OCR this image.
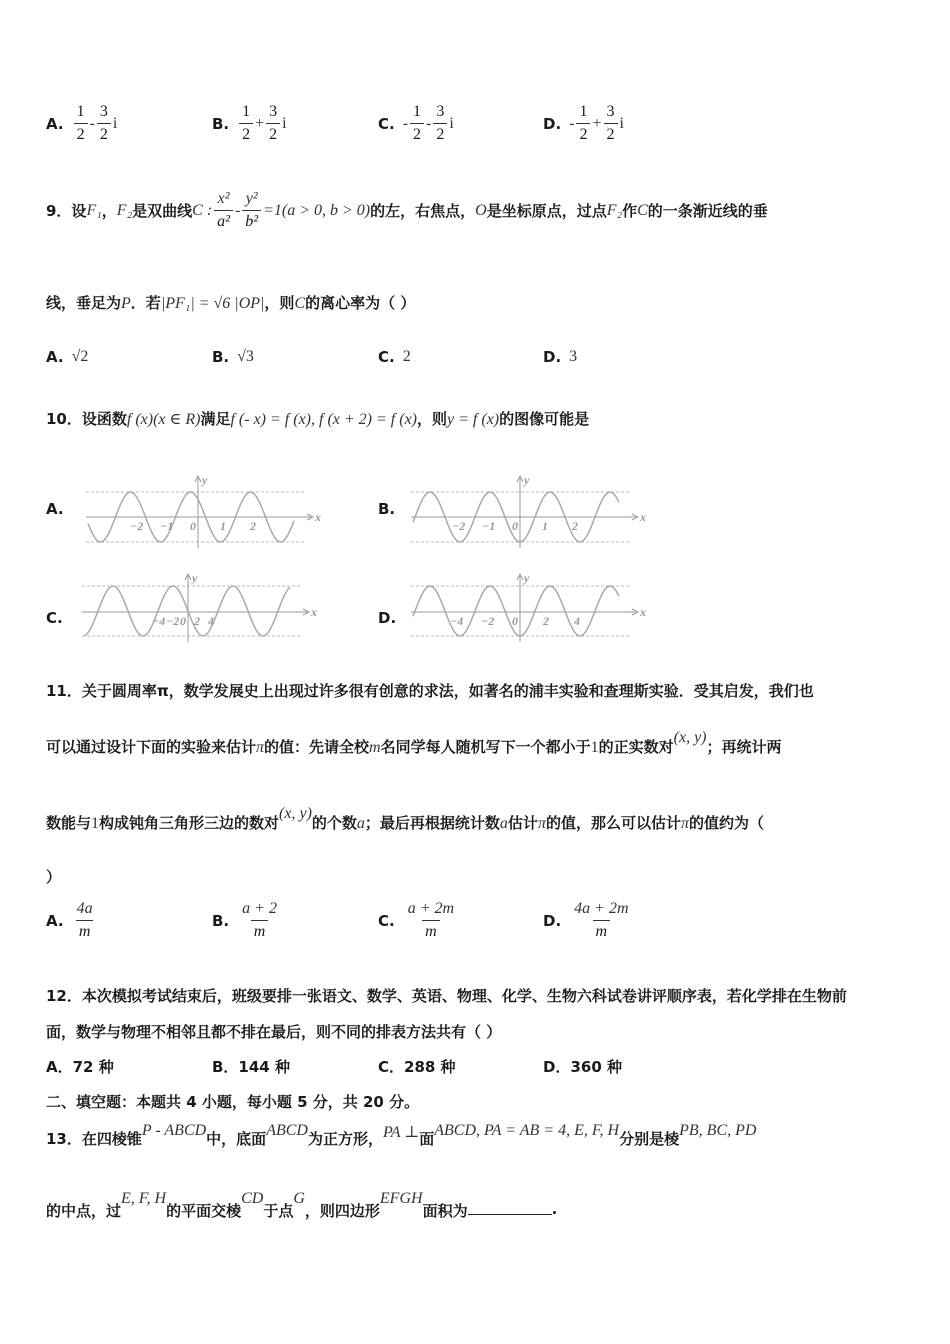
A. $\frac{1}{2} - \frac{3}{2}$ i	B. $\frac{1}{2} + \frac{3}{2}$ i	C. - $\frac{1}{2} - \frac{3}{2}$ i	D. - $\frac{1}{2} + \frac{3}{2}$ i
9．设 F₁ ， F₂ 是双曲线 C : $\frac{\text{x²}}{\text{a²}} - \frac{\text{y²}}{\text{b²}} =1(a > 0$, b > 0) 的左，右焦点， O 是坐标原点，过点 F₂ 作 C 的一条渐近线的垂
线，垂足为P．若|PF₁| = √6 |OP|，则C的离心率为（ ）
A. √2	B. √3	C. 2	D. 3
10．设函数f (x)(x ∈ R)满足f (- x) = f (x), f (x + 2) = f (x)，则y = f (x)的图像可能是
A.	B.
C.	D.
x
y
−2 −1 0 1 2
x
y
−2 −1 0 1 2
x
y
−4 −2 0 2 4
x
y
−4 −2 0 2 4
11．关于圆周率π，数学发展史上出现过许多很有创意的求法，如著名的浦丰实验和查理斯实验．受其启发，我们也
可以通过设计下面的实验来估计π的值：先请全校m名同学每人随机写下一个都小于1的正实数对(x, y)；再统计两
数能与1构成钝角三角形三边的数对(x, y)的个数a；最后再根据统计数a估计π的值，那么可以估计π的值约为（
）
A. $\frac{4a}{m}$	B. $\frac{a + 2}{m}$	C. $\frac{a + 2m}{m}$	D. $\frac{4a + 2m}{m}$
12．本次模拟考试结束后，班级要排一张语文、数学、英语、物理、化学、生物六科试卷讲评顺序表，若化学排在生物前
面，数学与物理不相邻且都不排在最后，则不同的排表方法共有（ ）
A．72 种	B．144 种	C．288 种	D．360 种
二、填空题：本题共 4 小题，每小题 5 分，共 20 分。
13．在四棱锥 P - ABCD 中，底面 ABCD 为正方形， PA ⊥ 面 ABCD, PA = AB = 4, E, F, H 分别是棱 PB, BC, PD
的中点，过
E, F, H
的平面交棱
CD
于点
G
，则四边形
EFGH
面积为	.
